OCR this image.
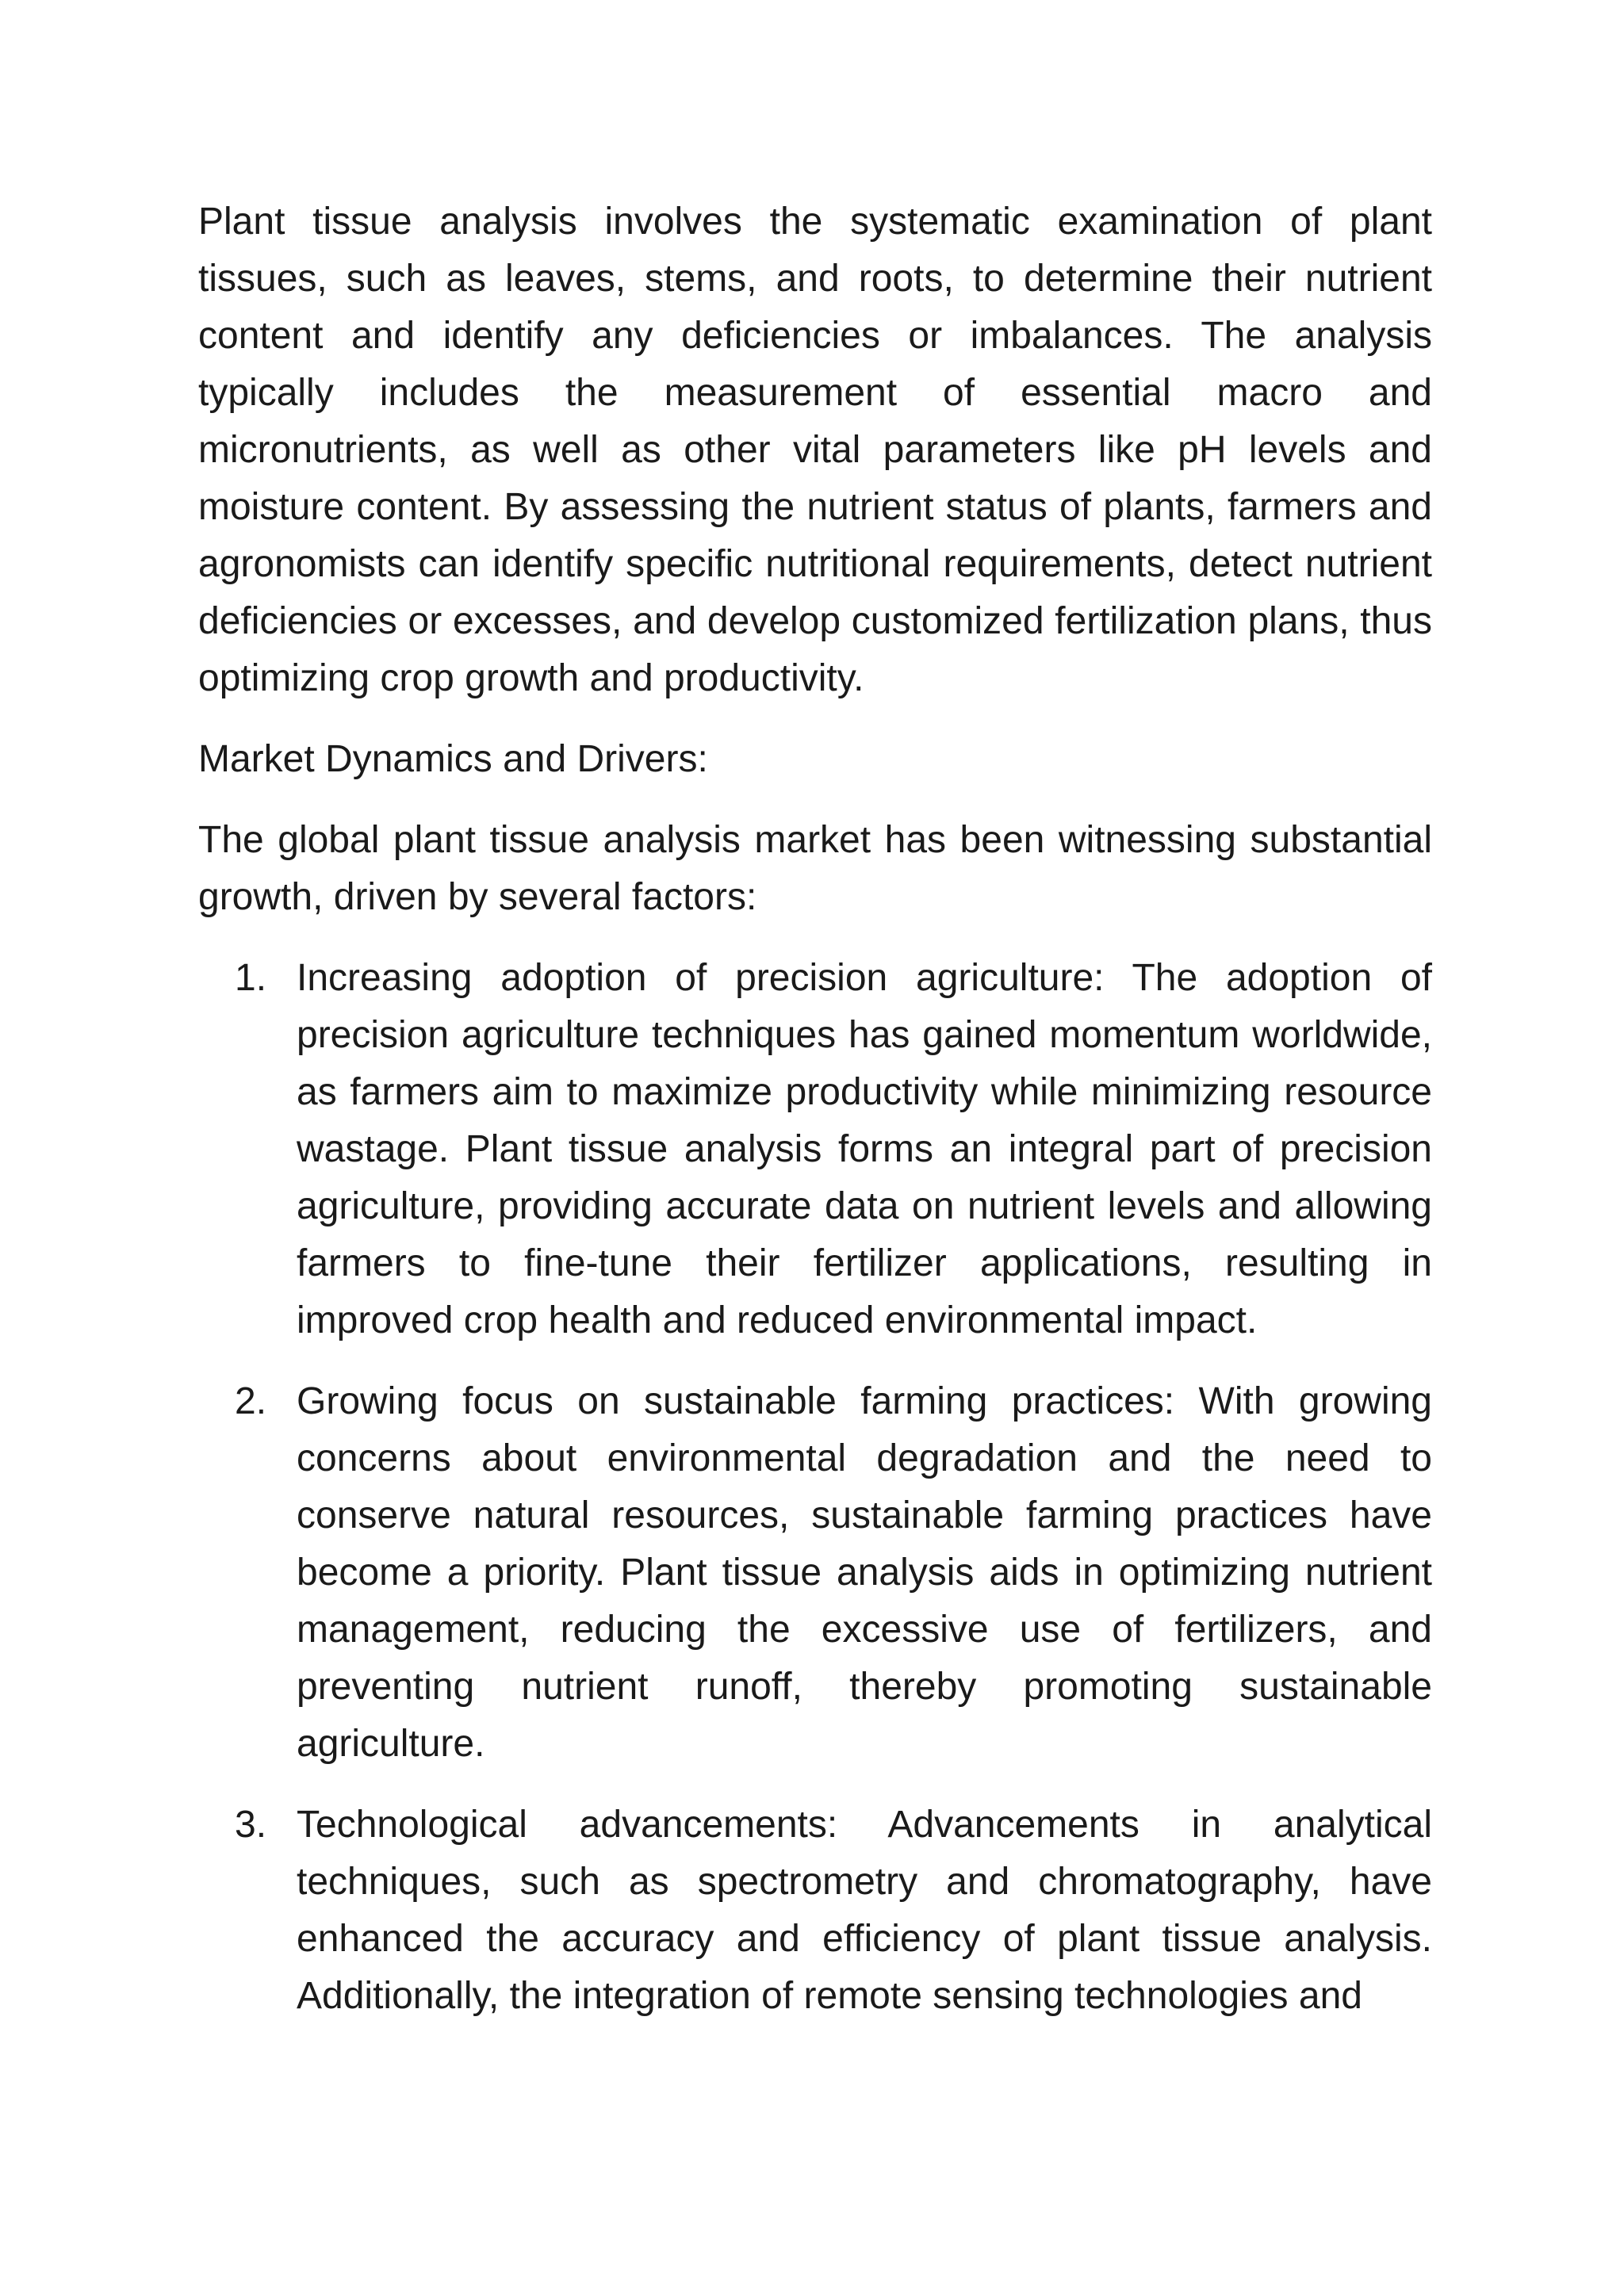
Plant tissue analysis involves the systematic examination of plant tissues, such as leaves, stems, and roots, to determine their nutrient content and identify any deficiencies or imbalances. The analysis typically includes the measurement of essential macro and micronutrients, as well as other vital parameters like pH levels and moisture content. By assessing the nutrient status of plants, farmers and agronomists can identify specific nutritional requirements, detect nutrient deficiencies or excesses, and develop customized fertilization plans, thus optimizing crop growth and productivity.

Market Dynamics and Drivers:

The global plant tissue analysis market has been witnessing substantial growth, driven by several factors:

1. Increasing adoption of precision agriculture: The adoption of precision agriculture techniques has gained momentum worldwide, as farmers aim to maximize productivity while minimizing resource wastage. Plant tissue analysis forms an integral part of precision agriculture, providing accurate data on nutrient levels and allowing farmers to fine-tune their fertilizer applications, resulting in improved crop health and reduced environmental impact.
2. Growing focus on sustainable farming practices: With growing concerns about environmental degradation and the need to conserve natural resources, sustainable farming practices have become a priority. Plant tissue analysis aids in optimizing nutrient management, reducing the excessive use of fertilizers, and preventing nutrient runoff, thereby promoting sustainable agriculture.
3. Technological advancements: Advancements in analytical techniques, such as spectrometry and chromatography, have enhanced the accuracy and efficiency of plant tissue analysis. Additionally, the integration of remote sensing technologies and
